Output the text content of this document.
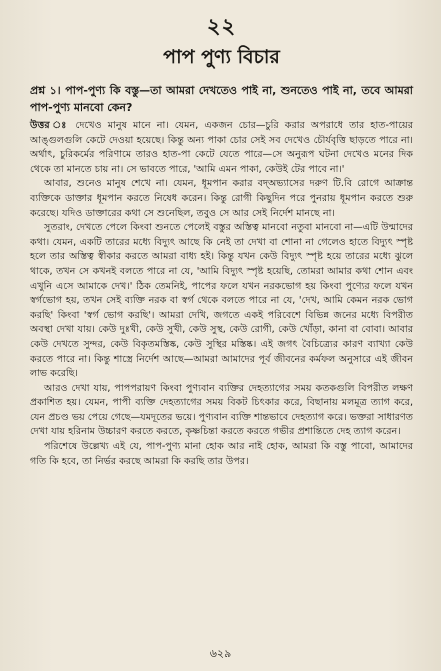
২২
পাপ পুণ্য বিচার

প্রশ্ন ১। পাপ-পুণ্য কি বস্তু—তা আমরা দেখতেও পাই না, শুনতেও পাই না, তবে আমরা পাপ-পুণ্য মানবো কেন?

উত্তর ঃ দেখেও মানুষ মানে না। যেমন, একজন চোর—চুরি করার অপরাধে তার হাত-পায়ের আঙ্গুলগুলি কেটে দেওয়া হয়েছে। কিন্তু অন্য পাকা চোর সেই সব দেখেও চৌর্যবৃত্তি ছাড়তে পারে না। অর্থাৎ, চুরিকর্মের পরিণামে তারও হাত-পা কেটে যেতে পারে—সে অনুরূপ ঘটনা দেখেও মনের দিক থেকে তা মানতে চায় না। সে ভাবতে পারে, 'আমি এমন পাকা, কেউই টের পাবে না।'

আবার, শুনেও মানুষ শেখে না। যেমন, ধূমপান করার বদ্‌অভ্যাসের দরুণ টি.বি রোগে আক্রান্ত ব্যক্তিকে ডাক্তার ধূমপান করতে নিষেধ করেন। কিন্তু রোগী কিছুদিন পরে পুনরায় ধূমপান করতে শুরু করেছে। যদিও ডাক্তারের কথা সে শুনেছিল, তবুও সে আর সেই নির্দেশ মানছে না।

সুতরাং, দেখতে পেলে কিংবা শুনতে পেলেই বস্তুর অস্তিত্ব মানবো নতুবা মানবো না—এটি উন্মাদের কথা। যেমন, একটি তারের মধ্যে বিদ্যুৎ আছে কি নেই তা দেখা বা শোনা না গেলেও হাতে বিদ্যুৎ স্পৃষ্ট হলে তার অস্তিত্ব স্বীকার করতে আমরা বাধ্য হই। কিন্তু যখন কেউ বিদ্যুৎ স্পৃষ্ট হয়ে তারের মধ্যে ঝুলে থাকে, তখন সে কখনই বলতে পারে না যে, 'আমি বিদ্যুৎ স্পৃষ্ট হয়েছি, তোমরা আমার কথা শোন এবং এখুনি এসে আমাকে দেখ।' ঠিক তেমনিই, পাপের ফলে যখন নরকভোগ হয় কিংবা পুণ্যের ফলে যখন স্বর্গভোগ হয়, তখন সেই ব্যক্তি নরক বা স্বর্গ থেকে বলতে পারে না যে, 'দেখ, আমি কেমন নরক ভোগ করছি' কিংবা 'স্বর্গ ভোগ করছি'। আমরা দেখি, জগতে একই পরিবেশে বিভিন্ন জনের মধ্যে বিপরীত অবস্থা দেখা যায়। কেউ দুঃখী, কেউ সুখী, কেউ সুস্থ, কেউ রোগী, কেউ খোঁড়া, কানা বা বোবা। আবার কেউ দেখতে সুন্দর, কেউ বিকৃতমস্তিষ্ক, কেউ সুস্থির মস্তিষ্ক। এই জগৎ বৈচিত্র্যের কারণ ব্যাখ্যা কেউ করতে পারে না। কিন্তু শাস্ত্রে নির্দেশ আছে—আমরা আমাদের পূর্ব জীবনের কর্মফল অনুসারে এই জীবন লাভ করেছি।

আরও দেখা যায়, পাপপরায়ণ কিংবা পুণ্যবান ব্যক্তির দেহত্যাগের সময় কতকগুলি বিপরীত লক্ষণ প্রকাশিত হয়। যেমন, পাপী ব্যক্তি দেহত্যাগের সময় বিকট চিৎকার করে, বিছানায় মলমূত্র ত্যাগ করে, যেন প্রচণ্ড ভয় পেয়ে গেছে—যমদূতের ভয়ে। পুণ্যবান ব্যক্তি শান্তভাবে দেহত্যাগ করে। ভক্তরা সাধারণত দেখা যায় হরিনাম উচ্চারণ করতে করতে, কৃষ্ণচিন্তা করতে করতে গভীর প্রশান্তিতে দেহ ত্যাগ করেন।

পরিশেষে উল্লেখ্য এই যে, পাপ-পুণ্য মানা হোক আর নাই হোক, আমরা কি বস্তু পাবো, আমাদের গতি কি হবে, তা নির্ভর করছে আমরা কি করছি তার উপর।

৬২৯
